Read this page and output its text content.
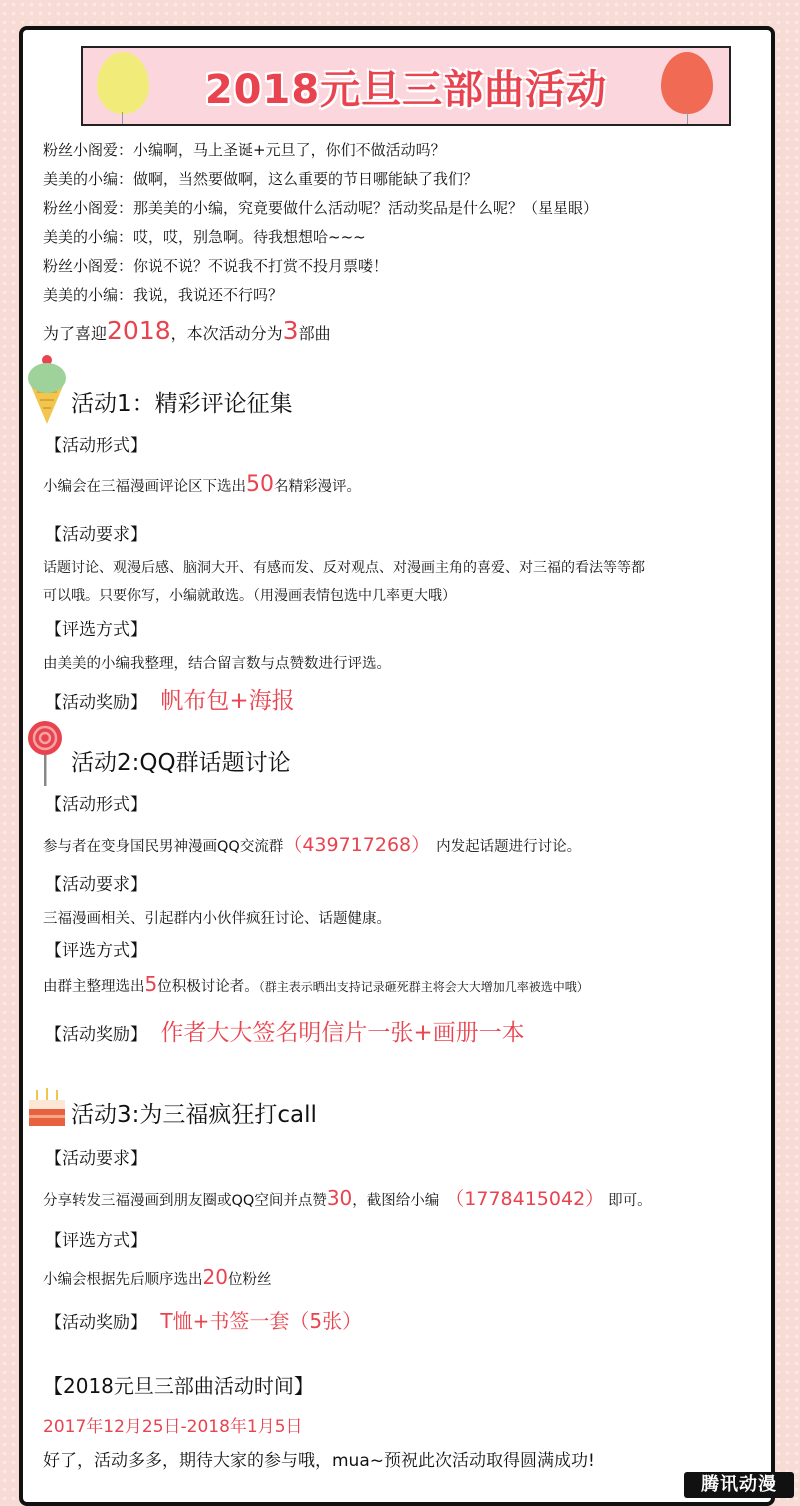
2018元旦三部曲活动
粉丝小阁爱：小编啊，马上圣诞+元旦了，你们不做活动吗？
美美的小编：做啊，当然要做啊，这么重要的节日哪能缺了我们？
粉丝小阁爱：那美美的小编，究竟要做什么活动呢？活动奖品是什么呢？（星星眼）
美美的小编：哎，哎，别急啊。待我想想哈~~~
粉丝小阁爱：你说不说？不说我不打赏不投月票喽！
美美的小编：我说，我说还不行吗？
为了喜迎2018，本次活动分为3部曲
活动1：精彩评论征集
【活动形式】
小编会在三福漫画评论区下选出50名精彩漫评。
【活动要求】
话题讨论、观漫后感、脑洞大开、有感而发、反对观点、对漫画主角的喜爱、对三福的看法等等都
可以哦。只要你写，小编就敢选。（用漫画表情包选中几率更大哦）
【评选方式】
由美美的小编我整理，结合留言数与点赞数进行评选。
【活动奖励】 帆布包+海报
活动2:QQ群话题讨论
【活动形式】
参与者在变身国民男神漫画QQ交流群（439717268） 内发起话题进行讨论。
【活动要求】
三福漫画相关、引起群内小伙伴疯狂讨论、话题健康。
【评选方式】
由群主整理选出5位积极讨论者。（群主表示晒出支持记录砸死群主将会大大增加几率被选中哦）
【活动奖励】 作者大大签名明信片一张+画册一本
活动3:为三福疯狂打call
【活动要求】
分享转发三福漫画到朋友圈或QQ空间并点赞30，截图给小编 （1778415042） 即可。
【评选方式】
小编会根据先后顺序选出20位粉丝
【活动奖励】 T恤+书签一套（5张）
【2018元旦三部曲活动时间】
2017年12月25日-2018年1月5日
好了，活动多多，期待大家的参与哦，mua~预祝此次活动取得圆满成功!
腾讯动漫
